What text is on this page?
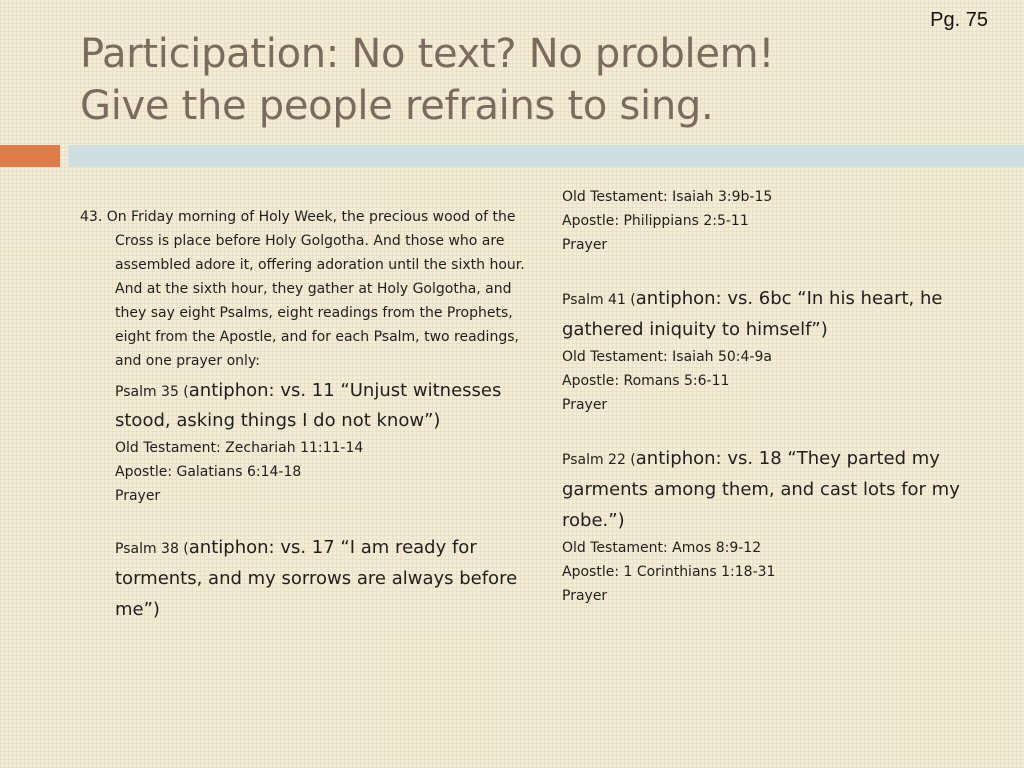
Pg. 75
Participation: No text? No problem!
Give the people refrains to sing.

43. On Friday morning of Holy Week, the precious wood of the Cross is place before Holy Golgotha. And those who are assembled adore it, offering adoration until the sixth hour. And at the sixth hour, they gather at Holy Golgotha, and they say eight Psalms, eight readings from the Prophets, eight from the Apostle, and for each Psalm, two readings, and one prayer only:

Psalm 35 (antiphon: vs. 11 “Unjust witnesses stood, asking things I do not know”)

Old Testament: Zechariah 11:11-14

Apostle: Galatians 6:14-18

Prayer

Psalm 38 (antiphon: vs. 17 “I am ready for torments, and my sorrows are always before me”)

Old Testament: Isaiah 3:9b-15

Apostle: Philippians 2:5-11

Prayer

Psalm 41 (antiphon: vs. 6bc “In his heart, he gathered iniquity to himself”)

Old Testament: Isaiah 50:4-9a

Apostle: Romans 5:6-11

Prayer

Psalm 22 (antiphon: vs. 18 “They parted my garments among them, and cast lots for my robe.”)

Old Testament: Amos 8:9-12

Apostle: 1 Corinthians 1:18-31

Prayer
